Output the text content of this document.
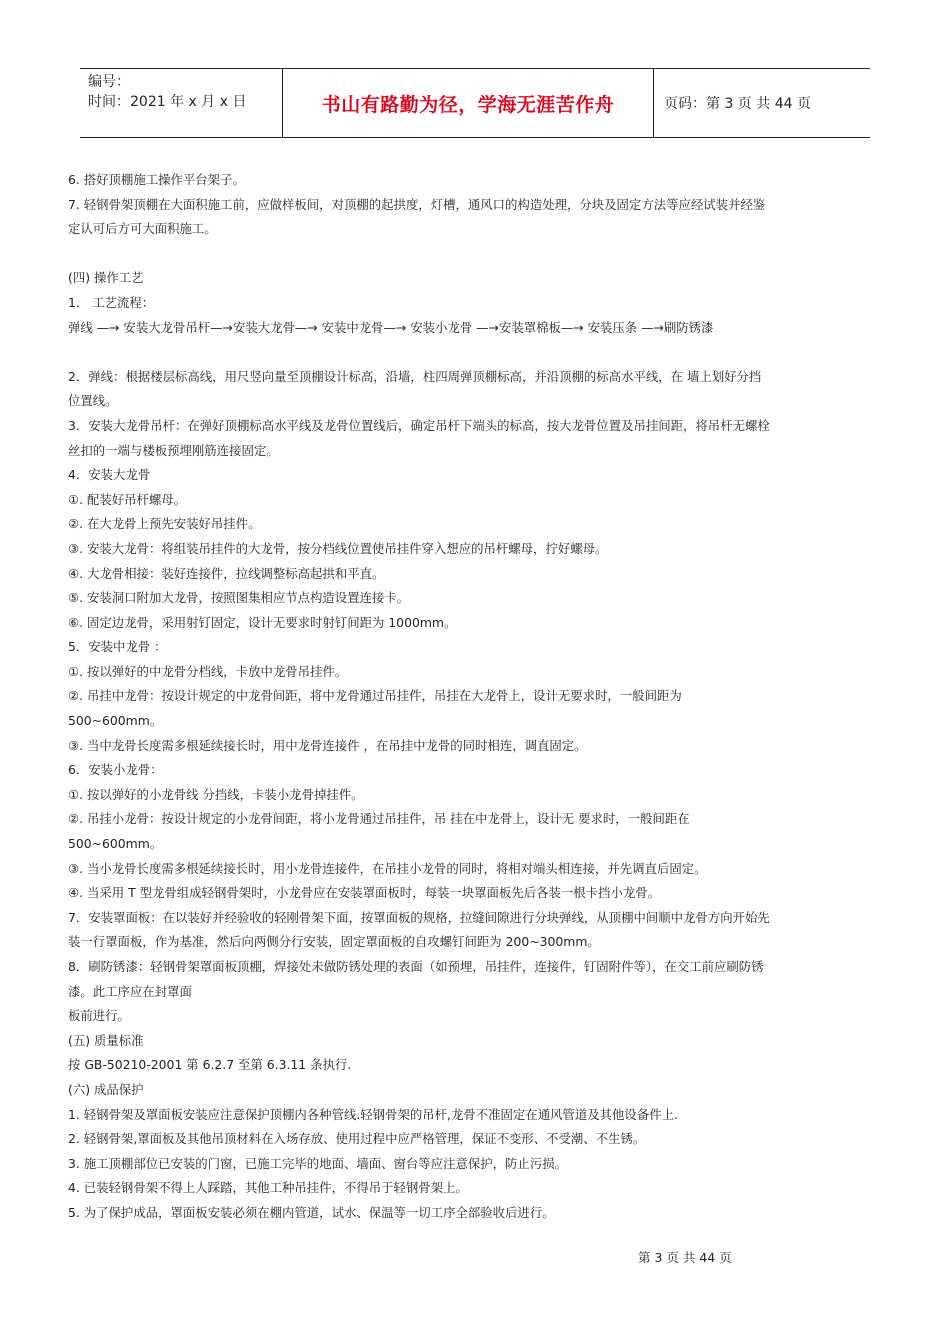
编号：
时间：2021 年 x 月 x 日	书山有路勤为径，学海无涯苦作舟	页码：第 3 页 共 44 页
6. 搭好顶棚施工操作平台架子。
7. 轻钢骨架顶棚在大面积施工前，应做样板间，对顶棚的起拱度，灯槽，通风口的构造处理，分块及固定方法等应经试装并经鉴
定认可后方可大面积施工。
(四) 操作工艺
1． 工艺流程：
弹线 —→ 安装大龙骨吊杆—→安装大龙骨—→ 安装中龙骨—→ 安装小龙骨 —→安装罩棉板—→ 安装压条 —→刷防锈漆
2．弹线：根据楼层标高线，用尺竖向量至顶棚设计标高，沿墙，柱四周弹顶棚标高，并沿顶棚的标高水平线，在 墙上划好分挡
位置线。
3．安装大龙骨吊杆：在弹好顶棚标高水平线及龙骨位置线后，确定吊杆下端头的标高，按大龙骨位置及吊挂间距，将吊杆无螺栓
丝扣的一端与楼板预埋刚筋连接固定。
4．安装大龙骨
①. 配装好吊杆螺母。
②. 在大龙骨上预先安装好吊挂件。
③. 安装大龙骨：将组装吊挂件的大龙骨，按分档线位置使吊挂件穿入想应的吊杆螺母，拧好螺母。
④. 大龙骨相接：装好连接件，拉线调整标高起拱和平直。
⑤. 安装洞口附加大龙骨，按照图集相应节点构造设置连接卡。
⑥. 固定边龙骨，采用射钉固定，设计无要求时射钉间距为 1000mm。
5．安装中龙骨 ：
①. 按以弹好的中龙骨分档线，卡放中龙骨吊挂件。
②. 吊挂中龙骨：按设计规定的中龙骨间距，将中龙骨通过吊挂件，吊挂在大龙骨上，设计无要求时，一般间距为
500~600mm。
③. 当中龙骨长度需多根延续接长时，用中龙骨连接件 ，在吊挂中龙骨的同时相连，调直固定。
6．安装小龙骨：
①. 按以弹好的小龙骨线 分挡线，卡装小龙骨掉挂件。
②. 吊挂小龙骨：按设计规定的小龙骨间距，将小龙骨通过吊挂件，吊 挂在中龙骨上，设计无 要求时，一般间距在
500~600mm。
③. 当小龙骨长度需多根延续接长时，用小龙骨连接件，在吊挂小龙骨的同时，将相对端头相连接，并先调直后固定。
④. 当采用 T 型龙骨组成轻钢骨架时，小龙骨应在安装罩面板时，每装一块罩面板先后各装一根卡挡小龙骨。
7．安装罩面板：在以装好并经验收的轻刚骨架下面，按罩面板的规格，拉缝间隙进行分块弹线，从顶棚中间顺中龙骨方向开始先
装一行罩面板，作为基准，然后向两侧分行安装，固定罩面板的自攻螺钉间距为 200~300mm。
8．刷防锈漆：轻钢骨架罩面板顶棚，焊接处未做防锈处理的表面（如预埋，吊挂件，连接件，钉固附件等），在交工前应刷防锈
漆。此工序应在封罩面
板前进行。
(五) 质量标准
按 GB-50210-2001 第 6.2.7 至第 6.3.11 条执行.
(六) 成品保护
1. 轻钢骨架及罩面板安装应注意保护顶棚内各种管线.轻钢骨架的吊杆,龙骨不准固定在通风管道及其他设备件上.
2. 轻钢骨架,罩面板及其他吊顶材料在入场存放、使用过程中应严格管理，保证不变形、不受潮、不生锈。
3. 施工顶棚部位已安装的门窗，已施工完毕的地面、墙面、窗台等应注意保护，防止污损。
4. 已装轻钢骨架不得上人踩踏，其他工种吊挂件，不得吊于轻钢骨架上。
5. 为了保护成品，罩面板安装必须在棚内管道，试水、保温等一切工序全部验收后进行。
第 3 页 共 44 页
